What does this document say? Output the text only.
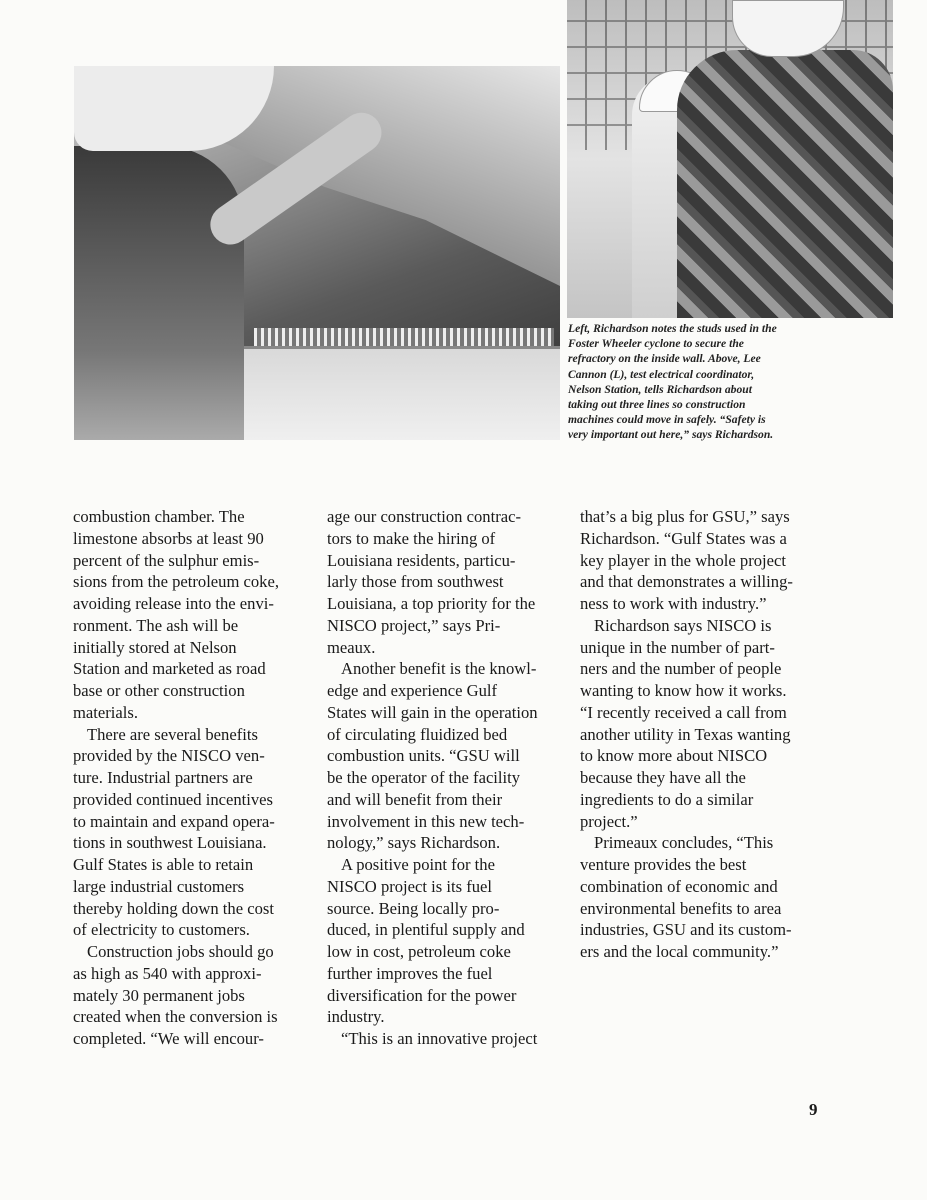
Left, Richardson notes the studs used in the
Foster Wheeler cyclone to secure the
refractory on the inside wall. Above, Lee
Cannon (L), test electrical coordinator,
Nelson Station, tells Richardson about
taking out three lines so construction
machines could move in safely. “Safety is
very important out here,” says Richardson.
combustion chamber. The
limestone absorbs at least 90
percent of the sulphur emis-
sions from the petroleum coke,
avoiding release into the envi-
ronment. The ash will be
initially stored at Nelson
Station and marketed as road
base or other construction
materials.
There are several benefits
provided by the NISCO ven-
ture. Industrial partners are
provided continued incentives
to maintain and expand opera-
tions in southwest Louisiana.
Gulf States is able to retain
large industrial customers
thereby holding down the cost
of electricity to customers.
Construction jobs should go
as high as 540 with approxi-
mately 30 permanent jobs
created when the conversion is
completed. “We will encour-
age our construction contrac-
tors to make the hiring of
Louisiana residents, particu-
larly those from southwest
Louisiana, a top priority for the
NISCO project,” says Pri-
meaux.
Another benefit is the knowl-
edge and experience Gulf
States will gain in the operation
of circulating fluidized bed
combustion units. “GSU will
be the operator of the facility
and will benefit from their
involvement in this new tech-
nology,” says Richardson.
A positive point for the
NISCO project is its fuel
source. Being locally pro-
duced, in plentiful supply and
low in cost, petroleum coke
further improves the fuel
diversification for the power
industry.
“This is an innovative project
that’s a big plus for GSU,” says
Richardson. “Gulf States was a
key player in the whole project
and that demonstrates a willing-
ness to work with industry.”
Richardson says NISCO is
unique in the number of part-
ners and the number of people
wanting to know how it works.
“I recently received a call from
another utility in Texas wanting
to know more about NISCO
because they have all the
ingredients to do a similar
project.”
Primeaux concludes, “This
venture provides the best
combination of economic and
environmental benefits to area
industries, GSU and its custom-
ers and the local community.”
9
